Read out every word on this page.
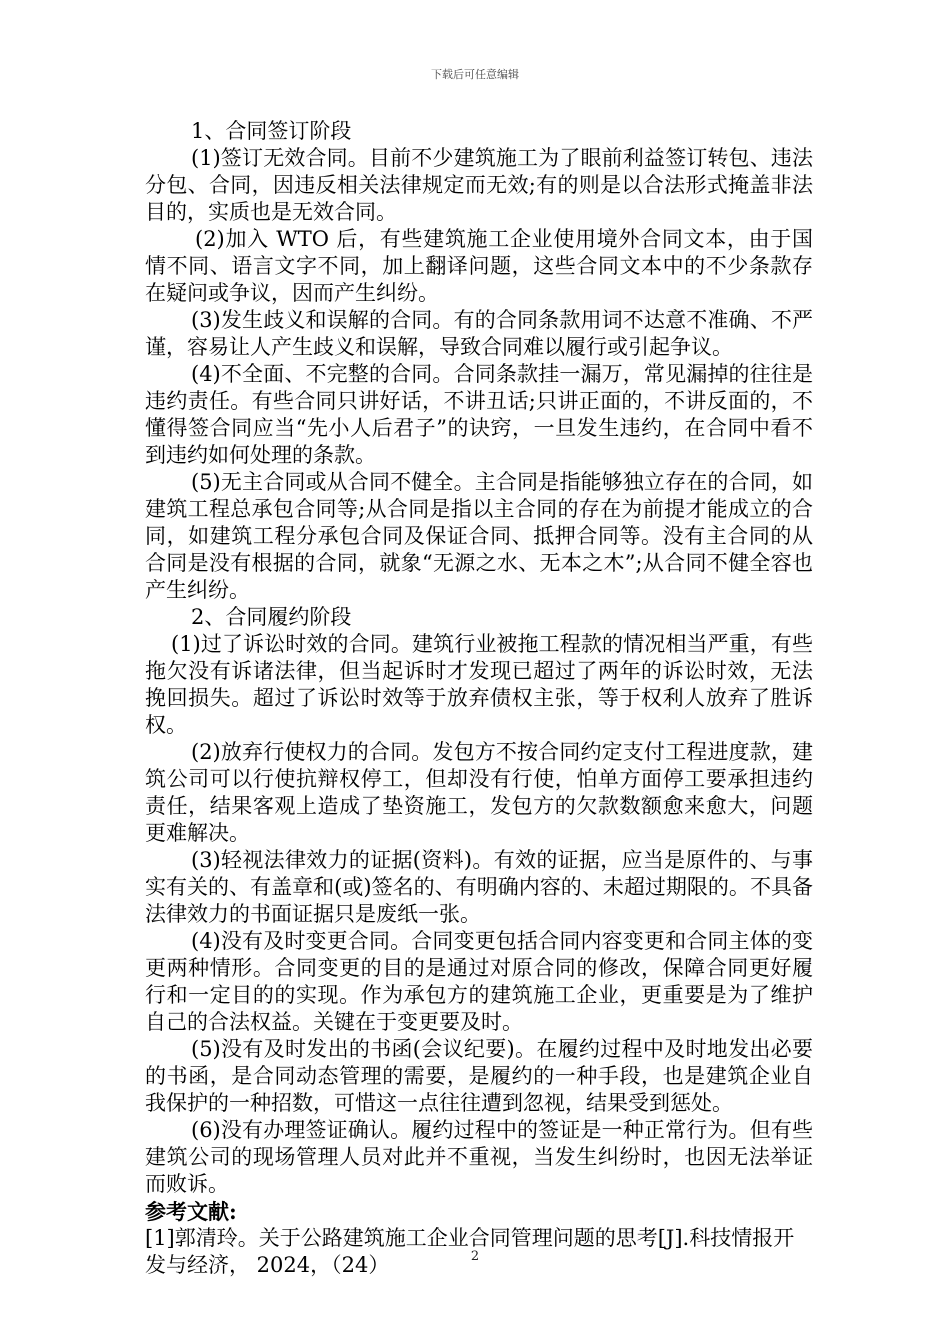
下载后可任意编辑

1、合同签订阶段

(1)签订无效合同。目前不少建筑施工为了眼前利益签订转包、违法分包、合同，因违反相关法律规定而无效;有的则是以合法形式掩盖非法目的，实质也是无效合同。

(2)加入 WTO 后，有些建筑施工企业使用境外合同文本，由于国情不同、语言文字不同，加上翻译问题，这些合同文本中的不少条款存在疑问或争议，因而产生纠纷。

(3)发生歧义和误解的合同。有的合同条款用词不达意不准确、不严谨，容易让人产生歧义和误解，导致合同难以履行或引起争议。

(4)不全面、不完整的合同。合同条款挂一漏万，常见漏掉的往往是违约责任。有些合同只讲好话，不讲丑话;只讲正面的，不讲反面的，不懂得签合同应当“先小人后君子”的诀窍，一旦发生违约，在合同中看不到违约如何处理的条款。

(5)无主合同或从合同不健全。主合同是指能够独立存在的合同，如建筑工程总承包合同等;从合同是指以主合同的存在为前提才能成立的合同，如建筑工程分承包合同及保证合同、抵押合同等。没有主合同的从合同是没有根据的合同，就象“无源之水、无本之木”;从合同不健全容也产生纠纷。

2、合同履约阶段

(1)过了诉讼时效的合同。建筑行业被拖工程款的情况相当严重，有些拖欠没有诉诸法律，但当起诉时才发现已超过了两年的诉讼时效，无法挽回损失。超过了诉讼时效等于放弃债权主张，等于权利人放弃了胜诉权。

(2)放弃行使权力的合同。发包方不按合同约定支付工程进度款，建筑公司可以行使抗辩权停工，但却没有行使，怕单方面停工要承担违约责任，结果客观上造成了垫资施工，发包方的欠款数额愈来愈大，问题更难解决。

(3)轻视法律效力的证据(资料)。有效的证据，应当是原件的、与事实有关的、有盖章和(或)签名的、有明确内容的、未超过期限的。不具备法律效力的书面证据只是废纸一张。

(4)没有及时变更合同。合同变更包括合同内容变更和合同主体的变更两种情形。合同变更的目的是通过对原合同的修改，保障合同更好履行和一定目的的实现。作为承包方的建筑施工企业，更重要是为了维护自己的合法权益。关键在于变更要及时。

(5)没有及时发出的书函(会议纪要)。在履约过程中及时地发出必要的书函，是合同动态管理的需要，是履约的一种手段，也是建筑企业自我保护的一种招数，可惜这一点往往遭到忽视，结果受到惩处。

(6)没有办理签证确认。履约过程中的签证是一种正常行为。但有些建筑公司的现场管理人员对此并不重视，当发生纠纷时，也因无法举证而败诉。

参考文献:

[1]郭清玲。关于公路建筑施工企业合同管理问题的思考[J].科技情报开发与经济， 2024，（24）	2
